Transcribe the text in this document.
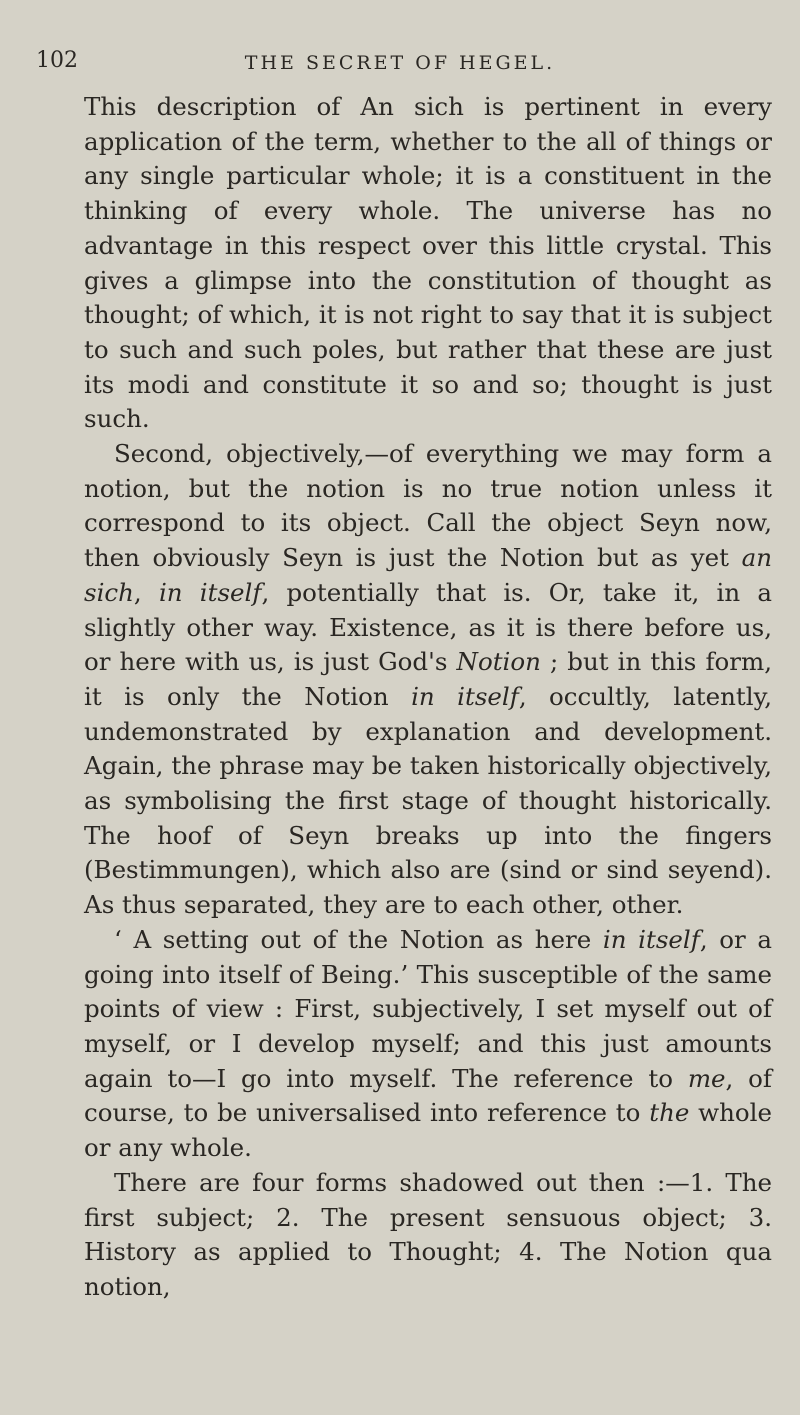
102	THE SECRET OF HEGEL.

This description of An sich is pertinent in every application of the term, whether to the all of things or any single particular whole; it is a constituent in the thinking of every whole. The universe has no advantage in this respect over this little crystal. This gives a glimpse into the constitution of thought as thought; of which, it is not right to say that it is subject to such and such poles, but rather that these are just its modi and constitute it so and so; thought is just such.

Second, objectively,—of everything we may form a notion, but the notion is no true notion unless it correspond to its object. Call the object Seyn now, then obviously Seyn is just the Notion but as yet an sich, in itself, potentially that is. Or, take it, in a slightly other way. Existence, as it is there before us, or here with us, is just God's Notion ; but in this form, it is only the Notion in itself, occultly, latently, undemonstrated by explanation and development. Again, the phrase may be taken historically objectively, as symbolising the first stage of thought historically. The hoof of Seyn breaks up into the fingers (Bestimmungen), which also are (sind or sind seyend). As thus separated, they are to each other, other.

‘ A setting out of the Notion as here in itself, or a going into itself of Being.’ This susceptible of the same points of view : First, subjectively, I set myself out of myself, or I develop myself; and this just amounts again to—I go into myself. The reference to me, of course, to be universalised into reference to the whole or any whole.

There are four forms shadowed out then :—1. The first subject; 2. The present sensuous object; 3. History as applied to Thought; 4. The Notion qua notion,
